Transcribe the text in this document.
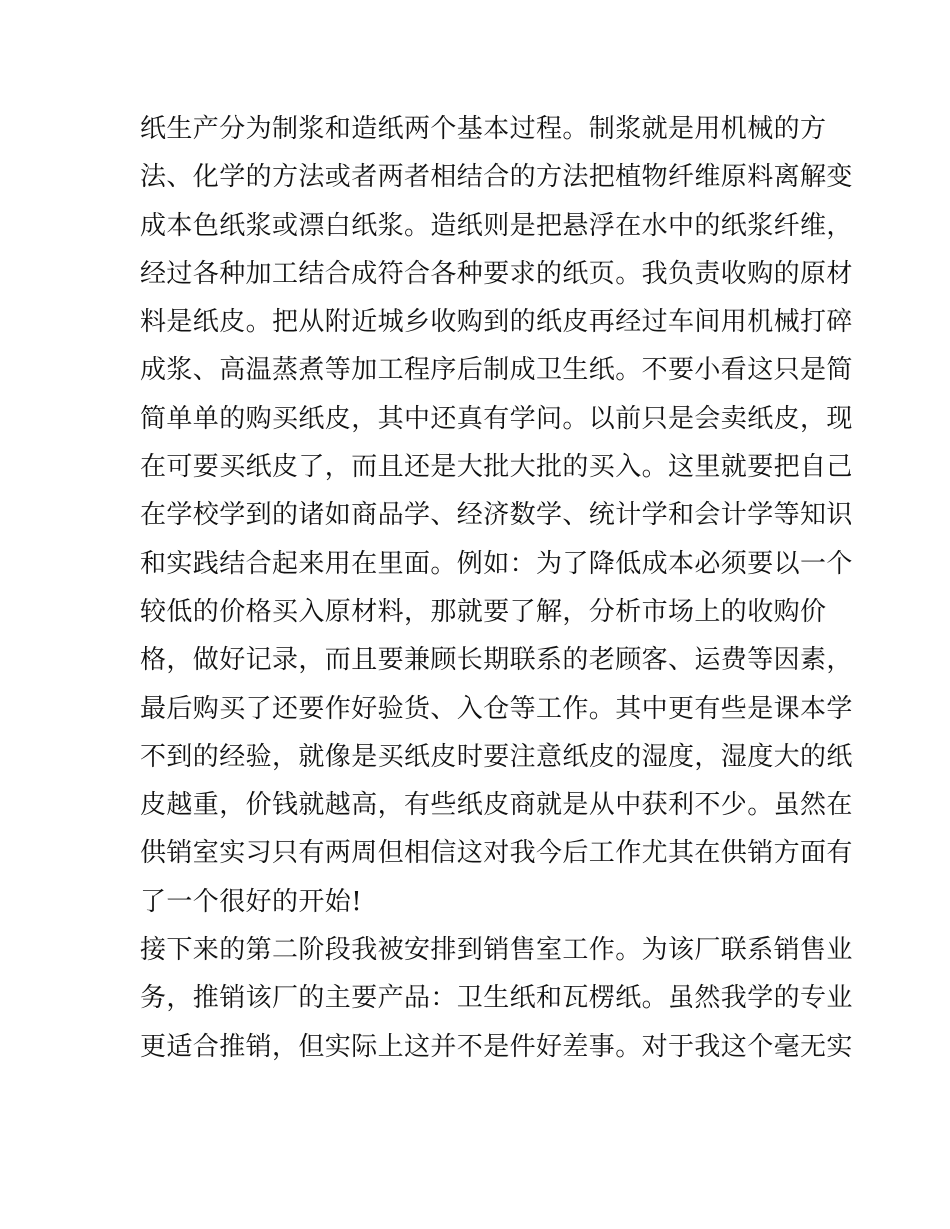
纸生产分为制浆和造纸两个基本过程。制浆就是用机械的方
法、化学的方法或者两者相结合的方法把植物纤维原料离解变
成本色纸浆或漂白纸浆。造纸则是把悬浮在水中的纸浆纤维，
经过各种加工结合成符合各种要求的纸页。我负责收购的原材
料是纸皮。把从附近城乡收购到的纸皮再经过车间用机械打碎
成浆、高温蒸煮等加工程序后制成卫生纸。不要小看这只是简
简单单的购买纸皮，其中还真有学问。以前只是会卖纸皮，现
在可要买纸皮了，而且还是大批大批的买入。这里就要把自己
在学校学到的诸如商品学、经济数学、统计学和会计学等知识
和实践结合起来用在里面。例如：为了降低成本必须要以一个
较低的价格买入原材料，那就要了解，分析市场上的收购价
格，做好记录，而且要兼顾长期联系的老顾客、运费等因素，
最后购买了还要作好验货、入仓等工作。其中更有些是课本学
不到的经验，就像是买纸皮时要注意纸皮的湿度，湿度大的纸
皮越重，价钱就越高，有些纸皮商就是从中获利不少。虽然在
供销室实习只有两周但相信这对我今后工作尤其在供销方面有
了一个很好的开始!
接下来的第二阶段我被安排到销售室工作。为该厂联系销售业
务，推销该厂的主要产品：卫生纸和瓦楞纸。虽然我学的专业
更适合推销，但实际上这并不是件好差事。对于我这个毫无实
